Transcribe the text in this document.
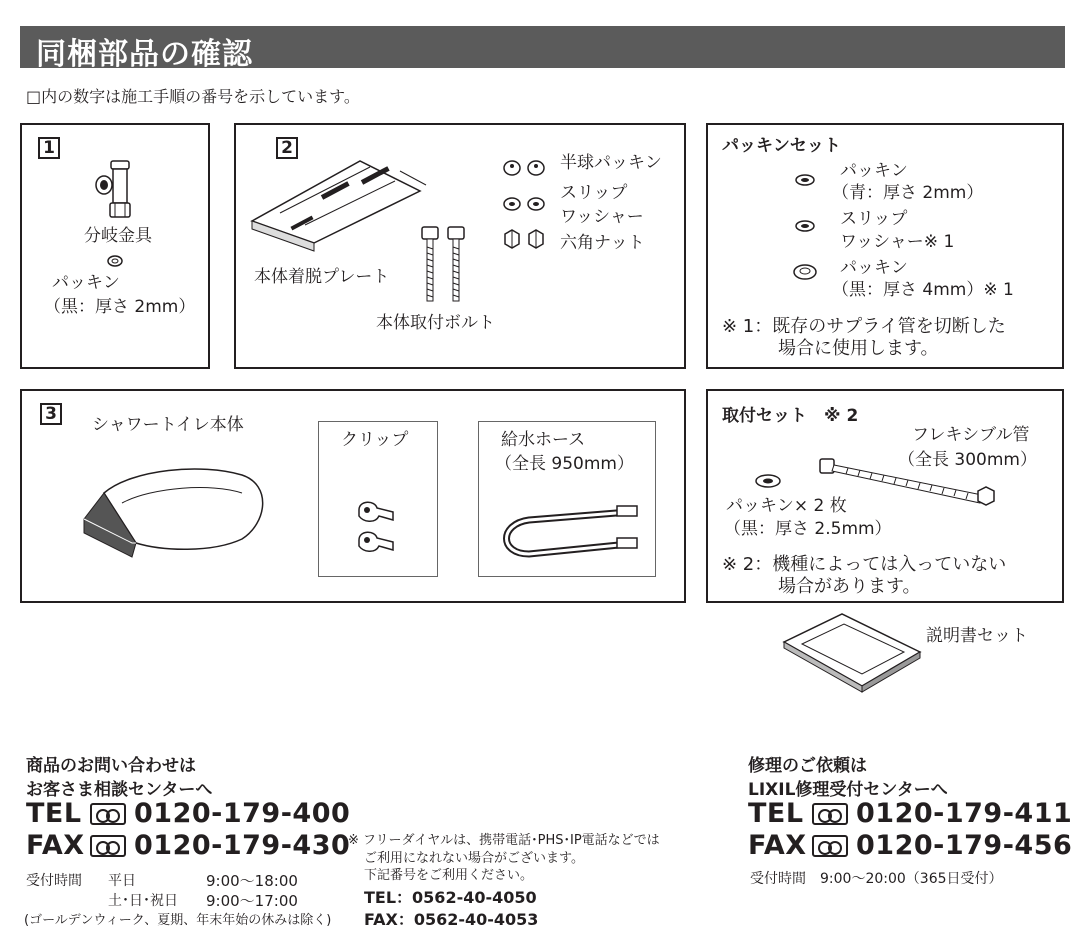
同梱部品の確認
□内の数字は施工手順の番号を示しています。
1
分岐金具
パッキン
（黒：厚さ 2mm）
2
本体着脱プレート
本体取付ボルト
半球パッキン
スリップ
ワッシャー
六角ナット
パッキンセット
パッキン
（青：厚さ 2mm）
スリップ
ワッシャー※ 1
パッキン
（黒：厚さ 4mm）※ 1
※ 1：既存のサプライ管を切断した
場合に使用します。
3
シャワートイレ本体
クリップ	給水ホース
（全長 950mm）
取付セット　※ 2
フレキシブル管
（全長 300mm）
パッキン× 2 枚
（黒：厚さ 2.5mm）
※ 2：機種によっては入っていない
場合があります。
説明書セット
商品のお問い合わせは
お客さま相談センターへ
TEL 0120-179-400
FAX 0120-179-430
受付時間 平日	9:00〜18:00
土･日･祝日 9:00〜17:00
(ゴールデンウィーク、夏期、年末年始の休みは除く)
※ フリーダイヤルは、携帯電話･PHS･IP電話などでは
ご利用になれない場合がございます。
下記番号をご利用ください。
TEL：0562-40-4050
FAX：0562-40-4053
修理のご依頼は
LIXIL修理受付センターへ
TEL 0120-179-411
FAX 0120-179-456
受付時間　9:00〜20:00（365日受付）
